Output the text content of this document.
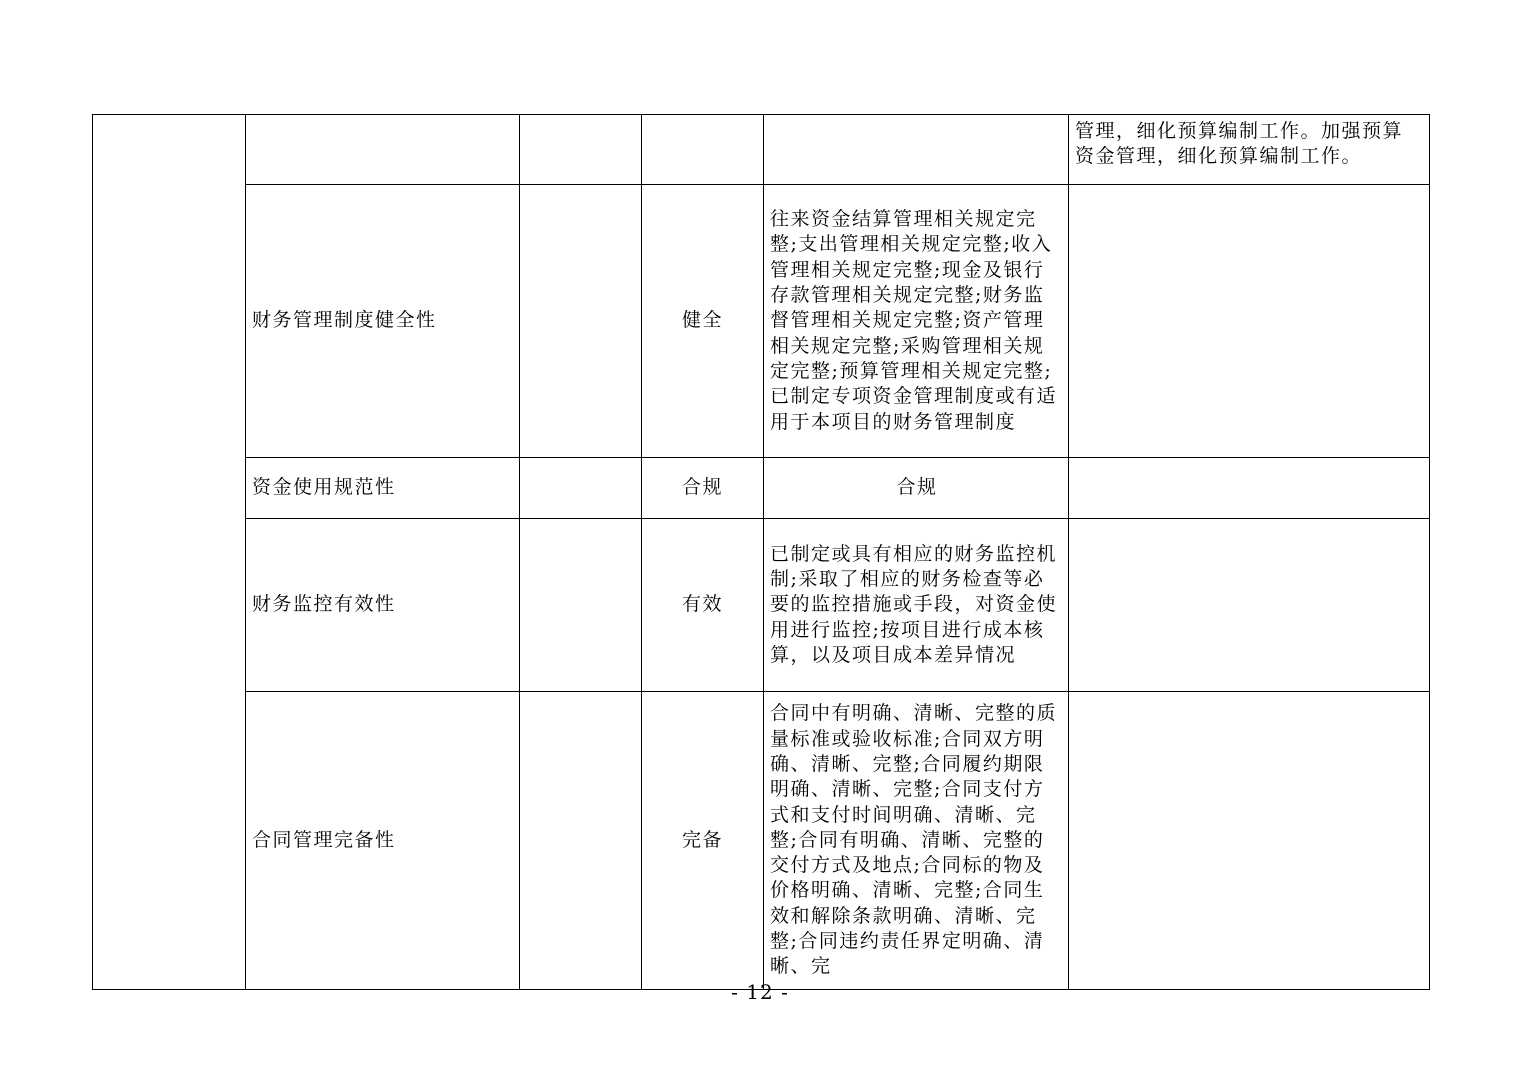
					管理，细化预算编制工作。加强预算资金管理，细化预算编制工作。
	财务管理制度健全性		健全	往来资金结算管理相关规定完整;支出管理相关规定完整;收入管理相关规定完整;现金及银行存款管理相关规定完整;财务监督管理相关规定完整;资产管理相关规定完整;采购管理相关规定完整;预算管理相关规定完整;已制定专项资金管理制度或有适用于本项目的财务管理制度	
	资金使用规范性		合规	合规	
	财务监控有效性		有效	已制定或具有相应的财务监控机制;采取了相应的财务检查等必要的监控措施或手段，对资金使用进行监控;按项目进行成本核算，以及项目成本差异情况	
	合同管理完备性		完备	合同中有明确、清晰、完整的质量标准或验收标准;合同双方明确、清晰、完整;合同履约期限明确、清晰、完整;合同支付方式和支付时间明确、清晰、完整;合同有明确、清晰、完整的交付方式及地点;合同标的物及价格明确、清晰、完整;合同生效和解除条款明确、清晰、完整;合同违约责任界定明确、清晰、完	
- 12 -
